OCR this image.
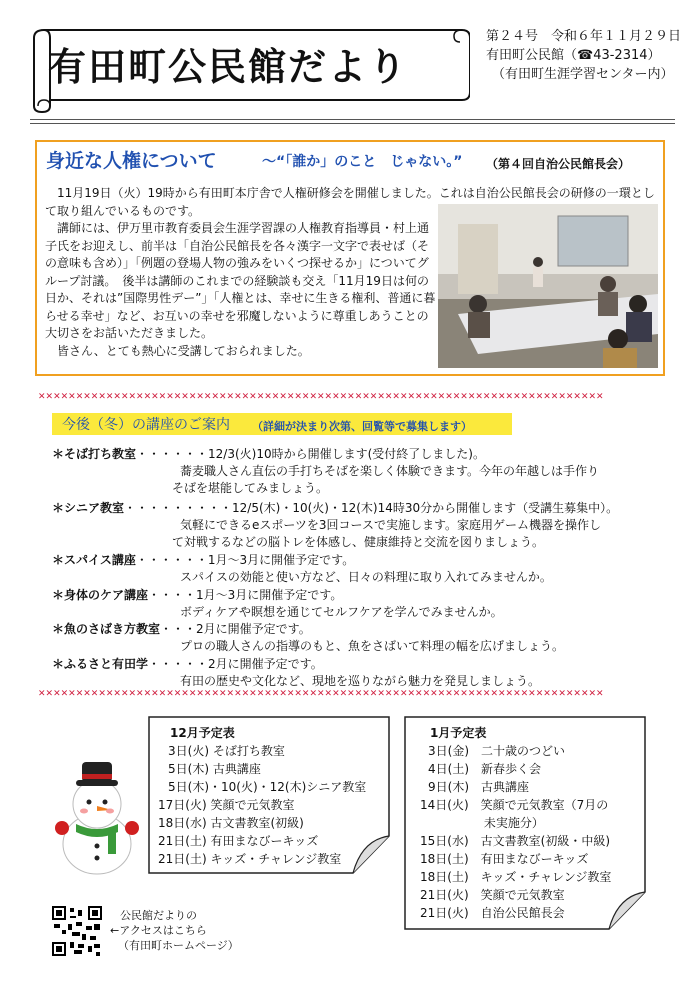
有田町公民館だより
第２４号　令和６年１１月２９日
有田町公民館（☎43-2314）
（有田町生涯学習センター内）
身近な人権について	～“「誰か」のこと　じゃない。” （第４回自治公民館長会）

11月19日（火）19時から有田町本庁舎で人権研修会を開催しました。これは自治公民館長会の研修の一環として取り組んでいるものです。

講師には、伊万里市教育委員会生涯学習課の人権教育指導員・村上通子氏をお迎えし、前半は「自治公民館長を各々漢字一文字で表せば（その意味も含め）」「例題の登場人物の強みをいくつ探せるか」についてグループ討議。　後半は講師のこれまでの経験談も交え「11月19日は何の日か、それは”国際男性デー”」「人権とは、幸せに生きる権利、普通に暮らせる幸せ」など、お互いの幸せを邪魔しないように尊重しあうことの大切さをお話いただきました。

皆さん、とても熱心に受講しておられました。

✕✕✕✕✕✕✕✕✕✕✕✕✕✕✕✕✕✕✕✕✕✕✕✕✕✕✕✕✕✕✕✕✕✕✕✕✕✕✕✕✕✕✕✕✕✕✕✕✕✕✕✕✕✕✕✕✕✕✕✕✕✕✕✕✕✕✕✕✕✕✕✕✕✕✕
✕✕✕✕✕✕✕✕✕✕✕✕✕✕✕✕✕✕✕✕✕✕✕✕✕✕✕✕✕✕✕✕✕✕✕✕✕✕✕✕✕✕✕✕✕✕✕✕✕✕✕✕✕✕✕✕✕✕✕✕✕✕✕✕✕✕✕✕✕✕✕✕✕✕✕
今後（冬）の講座のご案内 （詳細が決まり次第、回覧等で募集します）
＊そば打ち教室・・・・・・12/3(火)10時から開催します(受付終了しました)。
蕎麦職人さん直伝の手打ちそばを楽しく体験できます。今年の年越しは手作り
そばを堪能してみましょう。
＊シニア教室・・・・・・・・・12/5(木)・10(火)・12(木)14時30分から開催します（受講生募集中）。
気軽にできるeスポーツを3回コースで実施します。家庭用ゲーム機器を操作し
て対戦するなどの脳トレを体感し、健康維持と交流を図りましょう。
＊スパイス講座・・・・・・1月～3月に開催予定です。
スパイスの効能と使い方など、日々の料理に取り入れてみませんか。
＊身体のケア講座・・・・1月～3月に開催予定です。
ボディケアや瞑想を通じてセルフケアを学んでみませんか。
＊魚のさばき方教室・・・2月に開催予定です。
プロの職人さんの指導のもと、魚をさばいて料理の幅を広げましょう。
＊ふるさと有田学・・・・・2月に開催予定です。
有田の歴史や文化など、現地を巡りながら魅力を発見しましょう。
12月予定表
3日(火) そば打ち教室
5日(木) 古典講座
5日(木)・10(火)・12(木)シニア教室
17日(火) 笑顔で元気教室
18日(水) 古文書教室(初級)
21日(土) 有田まなびーキッズ
21日(土) キッズ・チャレンジ教室
1月予定表
3日(金)　二十歳のつどい
4日(土)　新春歩く会
9日(木)　古典講座
14日(火)　笑顔で元気教室（7月の
　　　　　 未実施分）
15日(水)　古文書教室(初級・中級)
18日(土)　有田まなびーキッズ
18日(土)　キッズ・チャレンジ教室
21日(火)　笑顔で元気教室
21日(火)　自治公民館長会
公民館だよりの
←アクセスはこちら
（有田町ホームページ）
